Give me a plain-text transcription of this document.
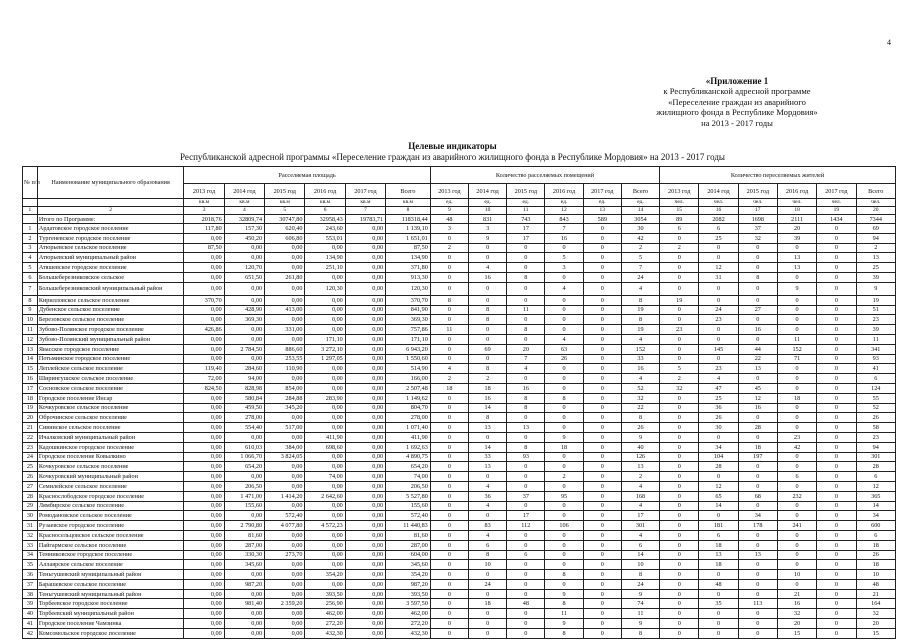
4
«Приложение 1
к Республиканской адресной программе
«Переселение граждан из аварийного
жилищного фонда в Республике Мордовия»
на 2013 - 2017 годы
Целевые индикаторы
Республиканской адресной программы «Переселение граждан из аварийного жилищного фонда в Республике Мордовия» на 2013 - 2017 годы
№ п/п	Наименование муниципального образования	Расселяемая площадь						Количество расселяемых помещений						Количество переселяемых жителей					
		2013 год	2014 год	2015 год	2016 год	2017 год	Всего	2013 год	2014 год	2015 год	2016 год	2017 год	Всего	2013 год	2014 год	2015 год	2016 год	2017 год	Всего
		кв.м	кв.м	кв.м	кв.м	кв.м	кв.м	ед.	ед.	ед.	ед.	ед.	ед.	чел.	чел.	чел.	чел.	чел.	чел.
1	2	3	4	5	6	7	8	9	10	11	12	13	14	15	16	17	18	19	20
	Итого по Программе:	2018,76	32809,74	30747,80	32958,43	19783,71	118318,44	48	831	743	843	589	3054	89	2082	1698	2111	1434	7344
1	Ардатовское городское поселение	117,80	157,30	620,40	243,60	0,00	1 139,10	3	3	17	7	0	30	6	6	37	20	0	69
2	Тургеневское городское поселение	0,00	450,20	606,80	553,01	0,00	1 651,01	0	9	17	16	0	42	0	25	32	39	0	94
3	Атюрьевское сельское поселение	87,50	0,00	0,00	0,00	0,00	87,50	2	0	0	0	0	2	2	0	0	0	0	2
4	Атюрьевский муниципальный район	0,00	0,00	0,00	134,90	0,00	134,90	0	0	0	5	0	5	0	0	0	13	0	13
5	Атяшевское городское поселение	0,00	120,70	0,00	251,10	0,00	371,80	0	4	0	3	0	7	0	12	0	13	0	25
6	Большеберезниковское сельское	0,00	651,50	261,80	0,00	0,00	913,30	0	16	8	0	0	24	0	31	8	0	0	39
7	Большеберезниковский муниципальный район	0,00	0,00	0,00	120,30	0,00	120,30	0	0	0	4	0	4	0	0	0	9	0	9
8	Кирилловское сельское поселение	370,70	0,00	0,00	0,00	0,00	370,70	8	0	0	0	0	8	19	0	0	0	0	19
9	Дубенское сельское поселение	0,00	428,90	413,00	0,00	0,00	841,90	0	8	11	0	0	19	0	24	27	0	0	51
10	Березовское сельское поселение	0,00	369,30	0,00	0,00	0,00	369,30	0	8	0	0	0	8	0	23	0	0	0	23
11	Зубово-Полянское городское поселение	426,86	0,00	331,00	0,00	0,00	757,86	11	0	8	0	0	19	23	0	16	0	0	39
12	Зубово-Полянский муниципальный район	0,00	0,00	0,00	171,10	0,00	171,10	0	0	0	4	0	4	0	0	0	11	0	11
13	Явасское городское поселение	0,00	2 784,50	886,60	3 272,10	0,00	6 943,20	0	69	20	63	0	152	0	145	44	152	0	341
14	Потьминское городское поселение	0,00	0,00	253,55	1 297,05	0,00	1 550,60	0	0	7	26	0	33	0	0	22	71	0	93
15	Леплейское сельское поселение	119,40	284,60	110,90	0,00	0,00	514,90	4	8	4	0	0	16	5	23	13	0	0	41
16	Ширингушское сельское поселение	72,00	94,00	0,00	0,00	0,00	166,00	2	2	0	0	0	4	2	4	0	0	0	6
17	Сосновское сельское поселение	824,50	828,98	854,00	0,00	0,00	2 507,48	18	18	16	0	0	52	32	47	45	0	0	124
18	Городское поселение Инсар	0,00	580,84	284,88	283,90	0,00	1 149,62	0	16	8	8	0	32	0	25	12	18	0	55
19	Кочкуровское сельское поселение	0,00	459,50	345,20	0,00	0,00	804,70	0	14	8	0	0	22	0	36	16	0	0	52
20	Оброчинское сельское поселение	0,00	278,00	0,00	0,00	0,00	278,00	0	8	0	0	0	8	0	26	0	0	0	26
21	Сивинское сельское поселение	0,00	554,40	517,00	0,00	0,00	1 071,40	0	13	13	0	0	26	0	30	28	0	0	58
22	Ичалковский муниципальный район	0,00	0,00	0,00	411,90	0,00	411,90	0	0	0	9	0	9	0	0	0	23	0	23
23	Кадошкинское городское поселение	0,00	610,03	384,00	698,60	0,00	1 692,63	0	14	8	18	0	40	0	34	18	42	0	94
24	Городское поселение Ковылкино	0,00	1 066,70	3 824,05	0,00	0,00	4 890,75	0	33	93	0	0	126	0	104	197	0	0	301
25	Кочкуровское сельское поселение	0,00	654,20	0,00	0,00	0,00	654,20	0	13	0	0	0	13	0	28	0	0	0	28
26	Кочкуровский муниципальный район	0,00	0,00	0,00	74,00	0,00	74,00	0	0	0	2	0	2	0	0	0	6	0	6
27	Семилейское сельское поселение	0,00	206,50	0,00	0,00	0,00	206,50	0	4	0	0	0	4	0	12	0	0	0	12
28	Краснослободское городское поселение	0,00	1 471,00	1 414,20	2 642,60	0,00	5 527,80	0	36	37	95	0	168	0	65	68	232	0	365
29	Лямбирское сельское поселение	0,00	155,60	0,00	0,00	0,00	155,60	0	4	0	0	0	4	0	14	0	0	0	14
30	Ромодановское сельское поселение	0,00	0,00	572,40	0,00	0,00	572,40	0	0	17	0	0	17	0	0	34	0	0	34
31	Рузаевское городское поселение	0,00	2 790,80	4 077,80	4 572,23	0,00	11 440,83	0	83	112	106	0	301	0	181	178	241	0	600
32	Красносельцовское сельское поселение	0,00	81,60	0,00	0,00	0,00	81,60	0	4	0	0	0	4	0	6	0	0	0	6
33	Пайгармское сельское поселение	0,00	287,00	0,00	0,00	0,00	287,00	0	6	0	0	0	6	0	18	0	0	0	18
34	Темниковское городское поселение	0,00	330,30	273,70	0,00	0,00	604,00	0	8	6	0	0	14	0	13	13	0	0	26
35	Аллаярское сельское поселение	0,00	345,60	0,00	0,00	0,00	345,60	0	10	0	0	0	10	0	18	0	0	0	18
36	Теньгушевский муниципальный район	0,00	0,00	0,00	354,20	0,00	354,20	0	0	0	8	0	8	0	0	0	10	0	10
37	Барашевское сельское поселение	0,00	987,20	0,00	0,00	0,00	987,20	0	24	0	0	0	24	0	48	0	0	0	48
38	Теньгушевский муниципальный район	0,00	0,00	0,00	393,50	0,00	393,50	0	0	0	9	0	9	0	0	0	21	0	21
39	Торбеевское городское поселение	0,00	981,40	2 359,20	256,90	0,00	3 597,50	0	18	48	8	0	74	0	35	113	16	0	164
40	Торбеевский муниципальный район	0,00	0,00	0,00	462,00	0,00	462,00	0	0	0	11	0	11	0	0	0	32	0	32
41	Городское поселение Чамзинка	0,00	0,00	0,00	272,20	0,00	272,20	0	0	0	9	0	9	0	0	0	20	0	20
42	Комсомольское городское поселение	0,00	0,00	0,00	432,30	0,00	432,30	0	0	0	8	0	8	0	0	0	15	0	15
